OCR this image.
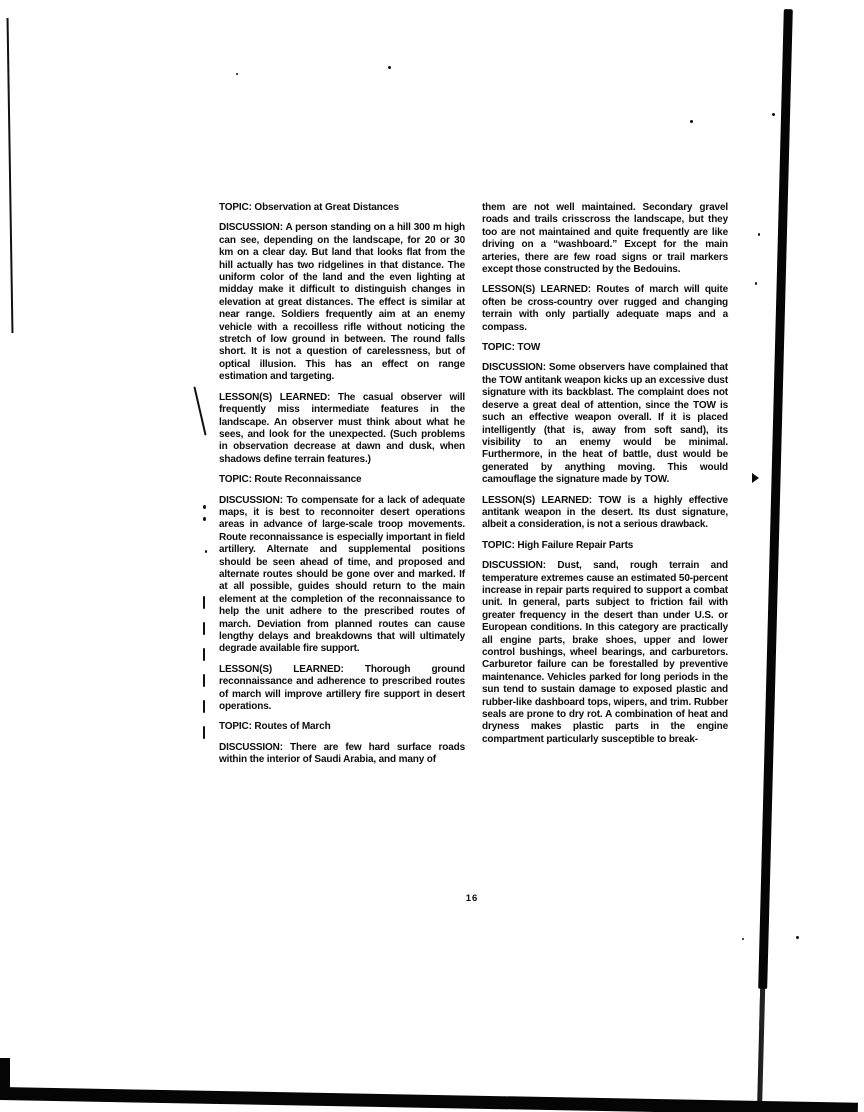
TOPIC: Observation at Great Distances

DISCUSSION: A person standing on a hill 300 m high can see, depending on the landscape, for 20 or 30 km on a clear day. But land that looks flat from the hill actually has two ridgelines in that distance. The uniform color of the land and the even lighting at midday make it difficult to distinguish changes in elevation at great distances. The effect is similar at near range. Soldiers frequently aim at an enemy vehicle with a recoilless rifle without noticing the stretch of low ground in between. The round falls short. It is not a question of carelessness, but of optical illusion. This has an effect on range estimation and targeting.

LESSON(S) LEARNED: The casual observer will frequently miss intermediate features in the landscape. An observer must think about what he sees, and look for the unexpected. (Such problems in observation decrease at dawn and dusk, when shadows define terrain features.)

TOPIC: Route Reconnaissance

DISCUSSION: To compensate for a lack of adequate maps, it is best to reconnoiter desert operations areas in advance of large-scale troop movements. Route reconnaissance is especially important in field artillery. Alternate and supplemental positions should be seen ahead of time, and proposed and alternate routes should be gone over and marked. If at all possible, guides should return to the main element at the completion of the reconnaissance to help the unit adhere to the prescribed routes of march. Deviation from planned routes can cause lengthy delays and breakdowns that will ultimately degrade available fire support.

LESSON(S) LEARNED: Thorough ground reconnaissance and adherence to prescribed routes of march will improve artillery fire support in desert operations.

TOPIC: Routes of March

DISCUSSION: There are few hard surface roads within the interior of Saudi Arabia, and many of

them are not well maintained. Secondary gravel roads and trails crisscross the landscape, but they too are not maintained and quite frequently are like driving on a “washboard.” Except for the main arteries, there are few road signs or trail markers except those constructed by the Bedouins.

LESSON(S) LEARNED: Routes of march will quite often be cross-country over rugged and changing terrain with only partially adequate maps and a compass.

TOPIC: TOW

DISCUSSION: Some observers have complained that the TOW antitank weapon kicks up an excessive dust signature with its backblast. The complaint does not deserve a great deal of attention, since the TOW is such an effective weapon overall. If it is placed intelligently (that is, away from soft sand), its visibility to an enemy would be minimal. Furthermore, in the heat of battle, dust would be generated by anything moving. This would camouflage the signature made by TOW.

LESSON(S) LEARNED: TOW is a highly effective antitank weapon in the desert. Its dust signature, albeit a consideration, is not a serious drawback.

TOPIC: High Failure Repair Parts

DISCUSSION: Dust, sand, rough terrain and temperature extremes cause an estimated 50-percent increase in repair parts required to support a combat unit. In general, parts subject to friction fail with greater frequency in the desert than under U.S. or European conditions. In this category are practically all engine parts, brake shoes, upper and lower control bushings, wheel bearings, and carburetors. Carburetor failure can be forestalled by preventive maintenance. Vehicles parked for long periods in the sun tend to sustain damage to exposed plastic and rubber-like dashboard tops, wipers, and trim. Rubber seals are prone to dry rot. A combination of heat and dryness makes plastic parts in the engine compartment particularly susceptible to break-

16
